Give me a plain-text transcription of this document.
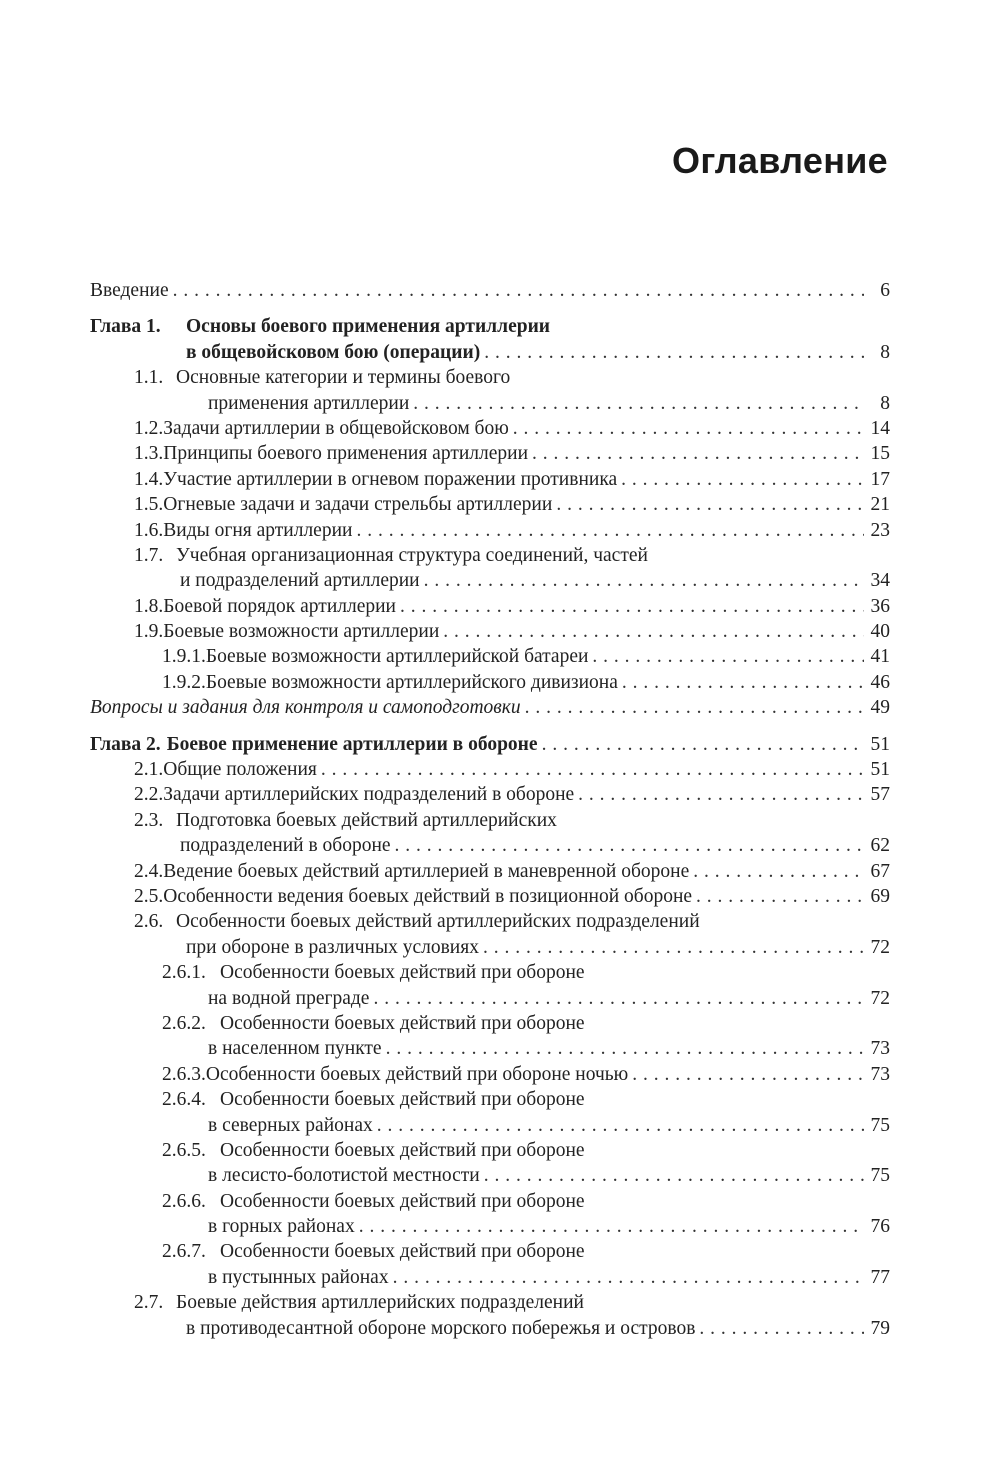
Оглавление
Введение . . .	6
Глава 1.	Основы боевого применения артиллерии
в общевойсковом бою (операции) . . .	8
1.1. Основные категории и термины боевого
применения артиллерии . . .	8
1.2. Задачи артиллерии в общевойсковом бою . . .	14
1.3. Принципы боевого применения артиллерии . . .	15
1.4. Участие артиллерии в огневом поражении противника . . .	17
1.5. Огневые задачи и задачи стрельбы артиллерии . . .	21
1.6. Виды огня артиллерии . . .	23
1.7. Учебная организационная структура соединений, частей
и подразделений артиллерии . . .	34
1.8. Боевой порядок артиллерии . . .	36
1.9. Боевые возможности артиллерии . . .	40
1.9.1. Боевые возможности артиллерийской батареи . . .	41
1.9.2. Боевые возможности артиллерийского дивизиона . . .	46
Вопросы и задания для контроля и самоподготовки . . .	49
Глава 2. Боевое применение артиллерии в обороне . . .	51
2.1. Общие положения . . .	51
2.2. Задачи артиллерийских подразделений в обороне . . .	57
2.3. Подготовка боевых действий артиллерийских
подразделений в обороне . . .	62
2.4. Ведение боевых действий артиллерией в маневренной обороне . . .	67
2.5. Особенности ведения боевых действий в позиционной обороне . . .	69
2.6. Особенности боевых действий артиллерийских подразделений
при обороне в различных условиях . . .	72
2.6.1. Особенности боевых действий при обороне
на водной преграде . . .	72
2.6.2. Особенности боевых действий при обороне
в населенном пункте . . .	73
2.6.3. Особенности боевых действий при обороне ночью . . .	73
2.6.4. Особенности боевых действий при обороне
в северных районах . . .	75
2.6.5. Особенности боевых действий при обороне
в лесисто-болотистой местности . . .	75
2.6.6. Особенности боевых действий при обороне
в горных районах . . .	76
2.6.7. Особенности боевых действий при обороне
в пустынных районах . . .	77
2.7. Боевые действия артиллерийских подразделений
в противодесантной обороне морского побережья и островов . . .	79
